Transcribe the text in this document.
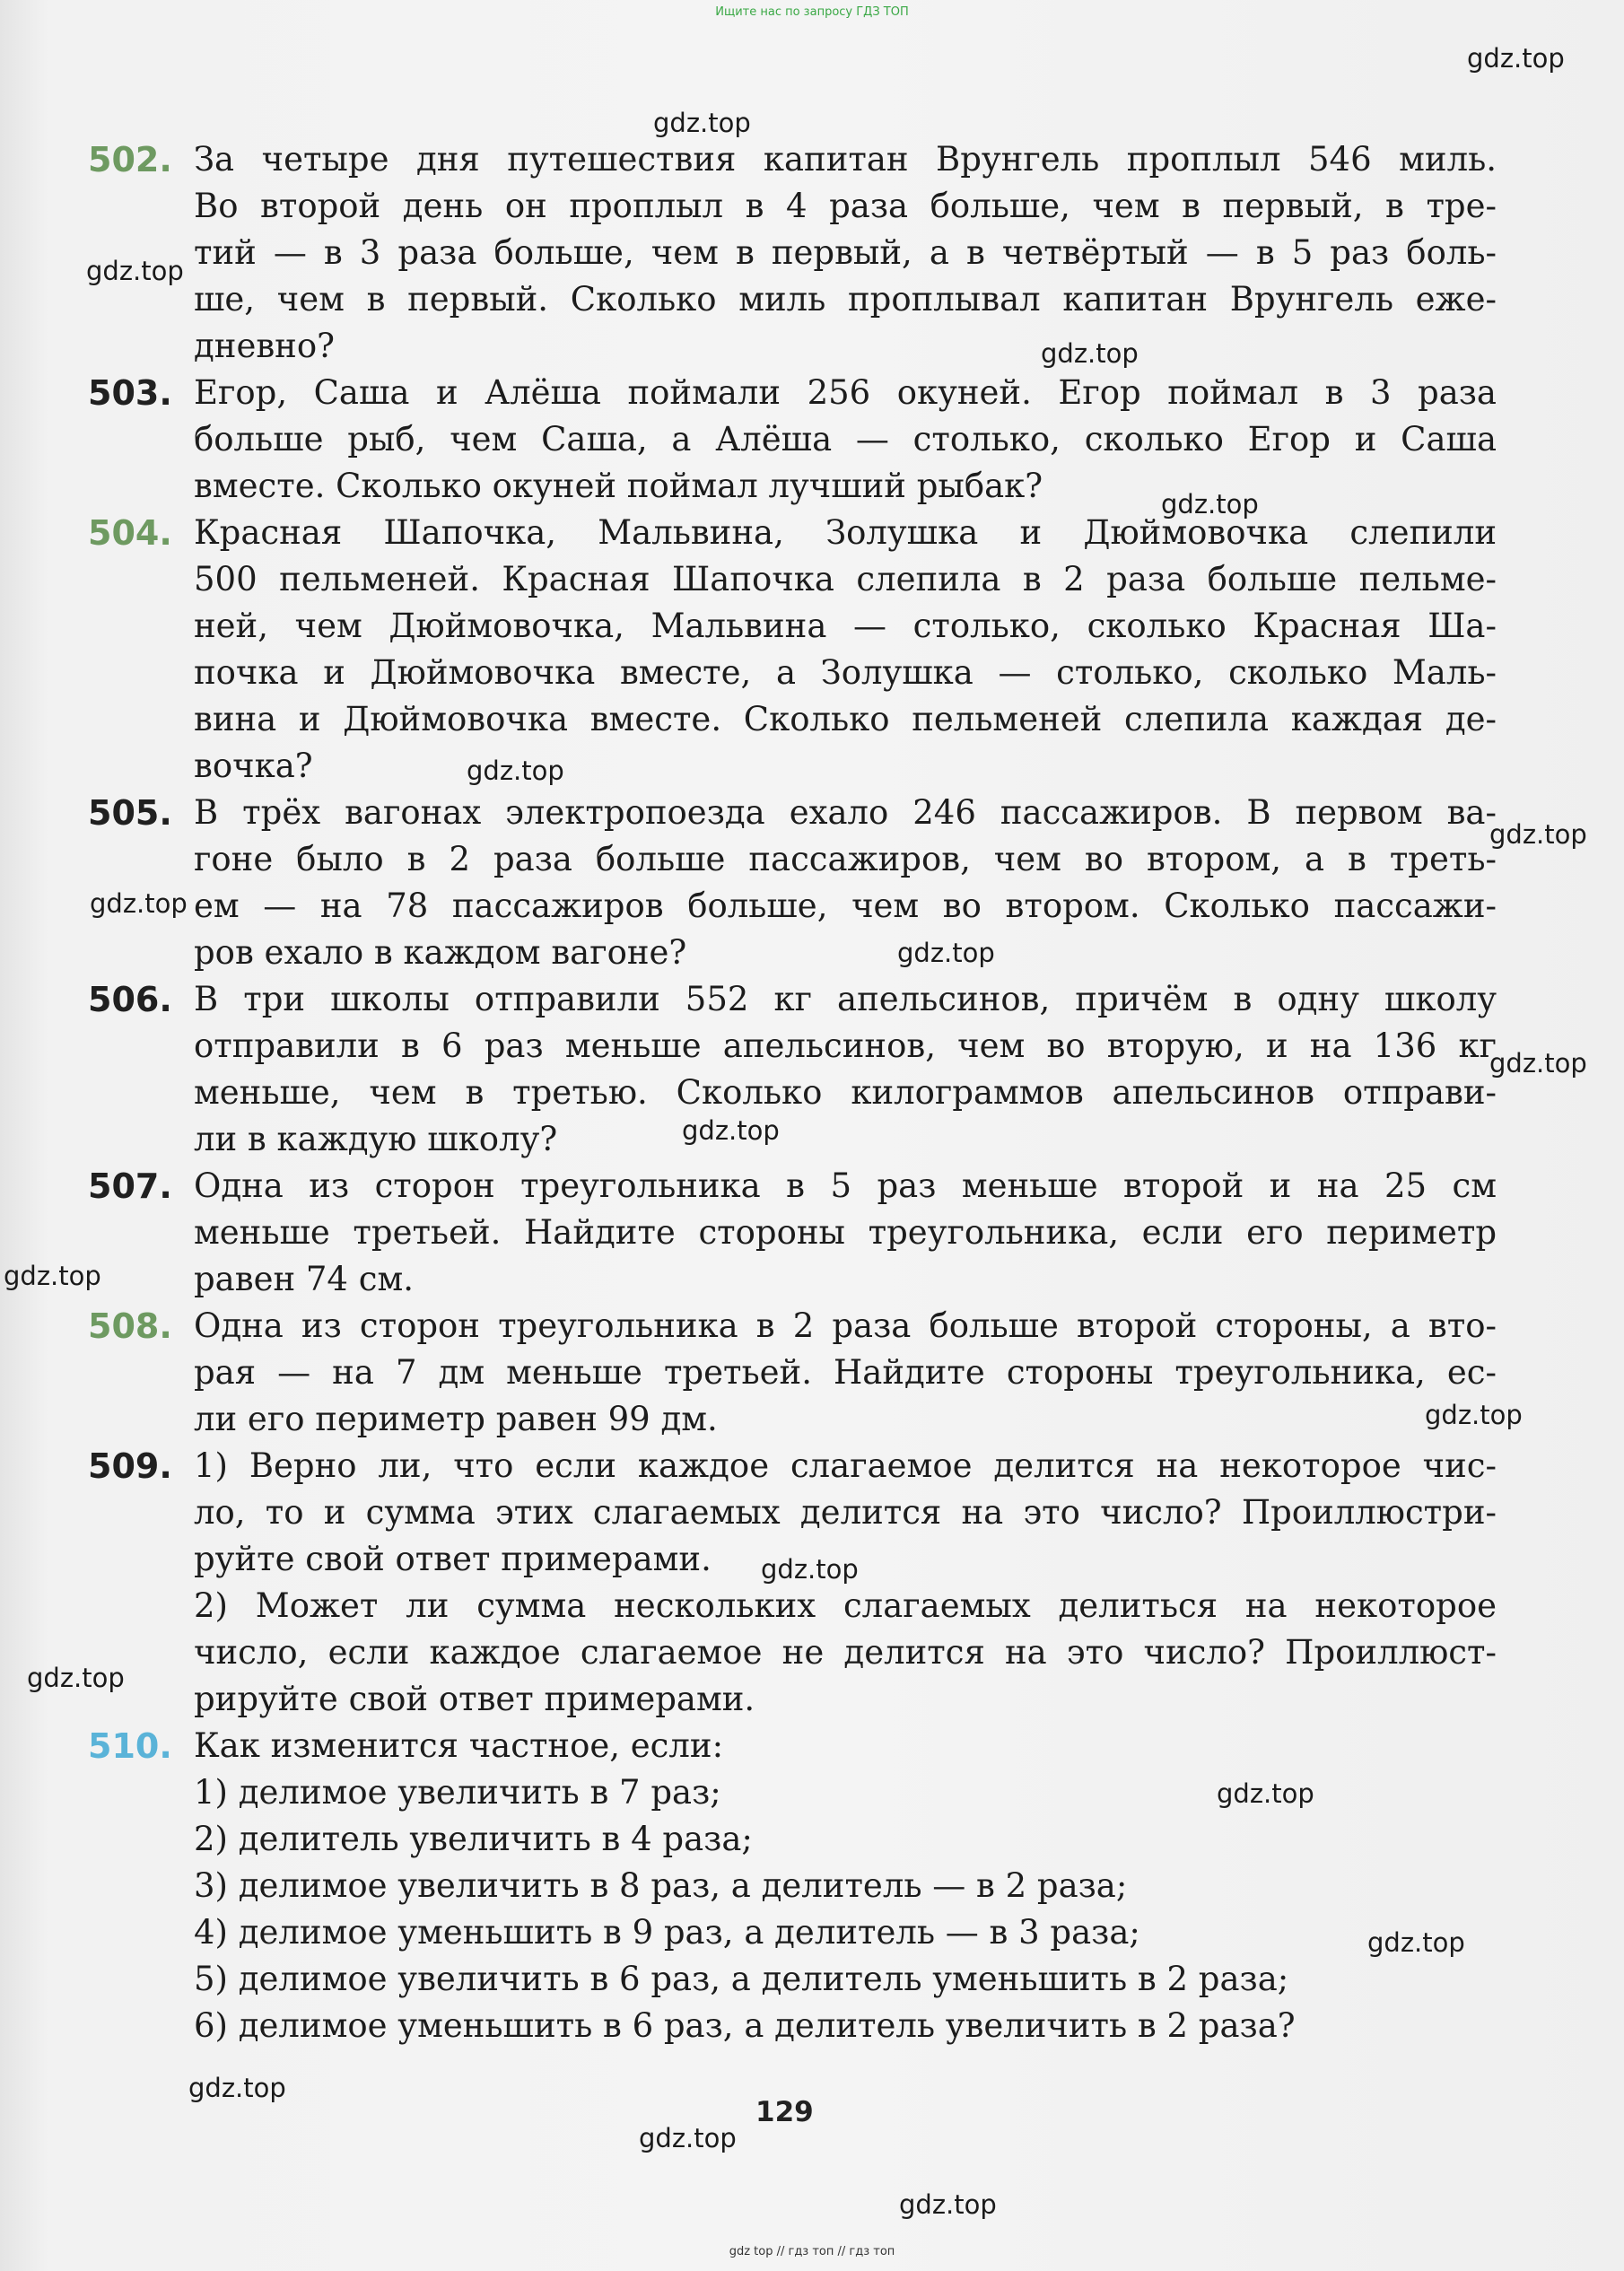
Ищите нас по запросу ГДЗ ТОП
502. За четыре дня путешествия капитан Врунгель проплыл 546 миль.
Во второй день он проплыл в 4 раза больше, чем в первый, в тре-
тий — в 3 раза больше, чем в первый, а в четвёртый — в 5 раз боль-
ше, чем в первый. Сколько миль проплывал капитан Врунгель еже-
дневно?
503. Егор, Саша и Алёша поймали 256 окуней. Егор поймал в 3 раза
больше рыб, чем Саша, а Алёша — столько, сколько Егор и Саша
вместе. Сколько окуней поймал лучший рыбак?
504. Красная Шапочка, Мальвина, Золушка и Дюймовочка слепили
500 пельменей. Красная Шапочка слепила в 2 раза больше пельме-
ней, чем Дюймовочка, Мальвина — столько, сколько Красная Ша-
почка и Дюймовочка вместе, а Золушка — столько, сколько Маль-
вина и Дюймовочка вместе. Сколько пельменей слепила каждая де-
вочка?
505. В трёх вагонах электропоезда ехало 246 пассажиров. В первом ва-
гоне было в 2 раза больше пассажиров, чем во втором, а в треть-
ем — на 78 пассажиров больше, чем во втором. Сколько пассажи-
ров ехало в каждом вагоне?
506. В три школы отправили 552 кг апельсинов, причём в одну школу
отправили в 6 раз меньше апельсинов, чем во вторую, и на 136 кг
меньше, чем в третью. Сколько килограммов апельсинов отправи-
ли в каждую школу?
507. Одна из сторон треугольника в 5 раз меньше второй и на 25 см
меньше третьей. Найдите стороны треугольника, если его периметр
равен 74 см.
508. Одна из сторон треугольника в 2 раза больше второй стороны, а вто-
рая — на 7 дм меньше третьей. Найдите стороны треугольника, ес-
ли его периметр равен 99 дм.
509. 1) Верно ли, что если каждое слагаемое делится на некоторое чис-
ло, то и сумма этих слагаемых делится на это число? Проиллюстри-
руйте свой ответ примерами.
2) Может ли сумма нескольких слагаемых делиться на некоторое
число, если каждое слагаемое не делится на это число? Проиллюст-
рируйте свой ответ примерами.
510. Как изменится частное, если:
1) делимое увеличить в 7 раз;
2) делитель увеличить в 4 раза;
3) делимое увеличить в 8 раз, а делитель — в 2 раза;
4) делимое уменьшить в 9 раз, а делитель — в 3 раза;
5) делимое увеличить в 6 раз, а делитель уменьшить в 2 раза;
6) делимое уменьшить в 6 раз, а делитель увеличить в 2 раза?
gdz.top
gdz.top
gdz.top
gdz.top
gdz.top
gdz.top
gdz.top
gdz.top
gdz.top
gdz.top
gdz.top
gdz.top
gdz.top
gdz.top
gdz.top
gdz.top
gdz.top
gdz.top
gdz.top
gdz.top
129
gdz top // гдз топ // гдз топ
